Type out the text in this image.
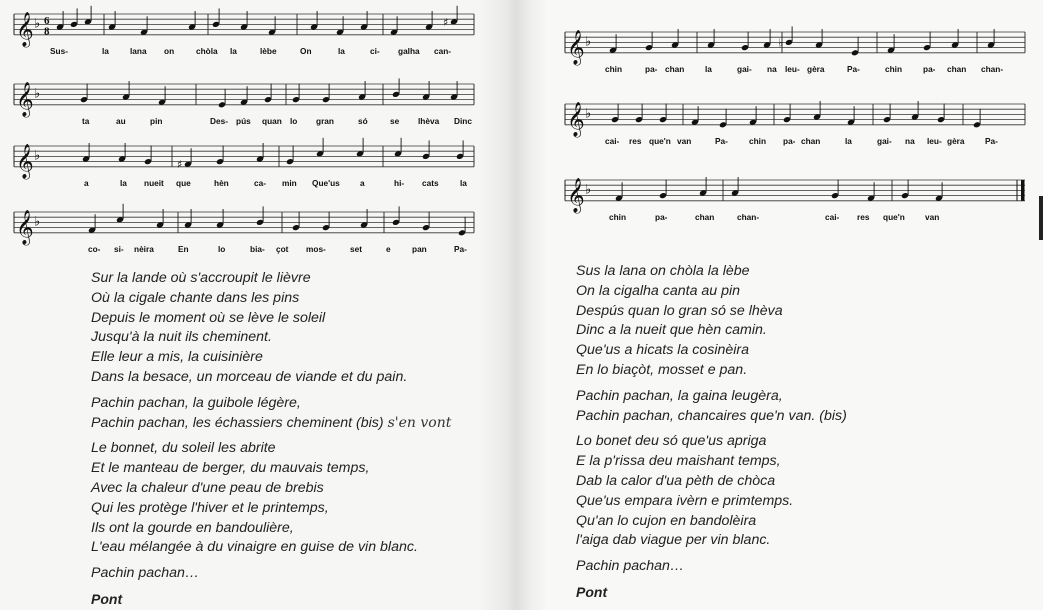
𝄞 ♭ 6
8
♯
Sus-	la	lana on	chòla la	lèbe	On	la	ci- galha can-
𝄞 ♭
ta	au	pin	Des- pús quan lo gran	só	se lhèva Dinc
𝄞 ♭
♯
a	la nueit que	hèn	ca- min Que'us a	hi- cats	la
𝄞 ♭
co- si- nèira	En	lo	bia- çot mos-	set	e	pan	Pa-
Sur la lande où s'accroupit le lièvre
Où la cigale chante dans les pins
Depuis le moment où se lève le soleil
Jusqu'à la nuit ils cheminent.
Elle leur a mis, la cuisinière
Dans la besace, un morceau de viande et du pain.
Pachin pachan, la guibole légère,
Pachin pachan, les échassiers cheminent (bis) s'en vont
Le bonnet, du soleil les abrite
Et le manteau de berger, du mauvais temps,
Avec la chaleur d'une peau de brebis
Qui les protège l'hiver et le printemps,
Ils ont la gourde en bandoulière,
L'eau mélangée à du vinaigre en guise de vin blanc.
Pachin pachan…
Pont
𝄞 ♭	♭
chin	pa- chan la	gai- na leu- gèra	Pa-	chin	pa- chan chan-
𝄞 ♭
cai- res que'n van	Pa-	chin pa- chan	la	gai- na leu- gèra Pa-
𝄞 ♭
chin	pa-	chan	chan-	cai- res que'n van
Sus la lana on chòla la lèbe
On la cigalha canta au pin
Despús quan lo gran só se lhèva
Dinc a la nueit que hèn camin.
Que'us a hicats la cosinèira
En lo biaçòt, mosset e pan.
Pachin pachan, la gaina leugèra,
Pachin pachan, chancaires que'n van. (bis)
Lo bonet deu só que'us apriga
E la p'rissa deu maishant temps,
Dab la calor d'ua pèth de chòca
Que'us empara ivèrn e primtemps.
Qu'an lo cujon en bandolèira
l'aiga dab viague per vin blanc.
Pachin pachan…
Pont
